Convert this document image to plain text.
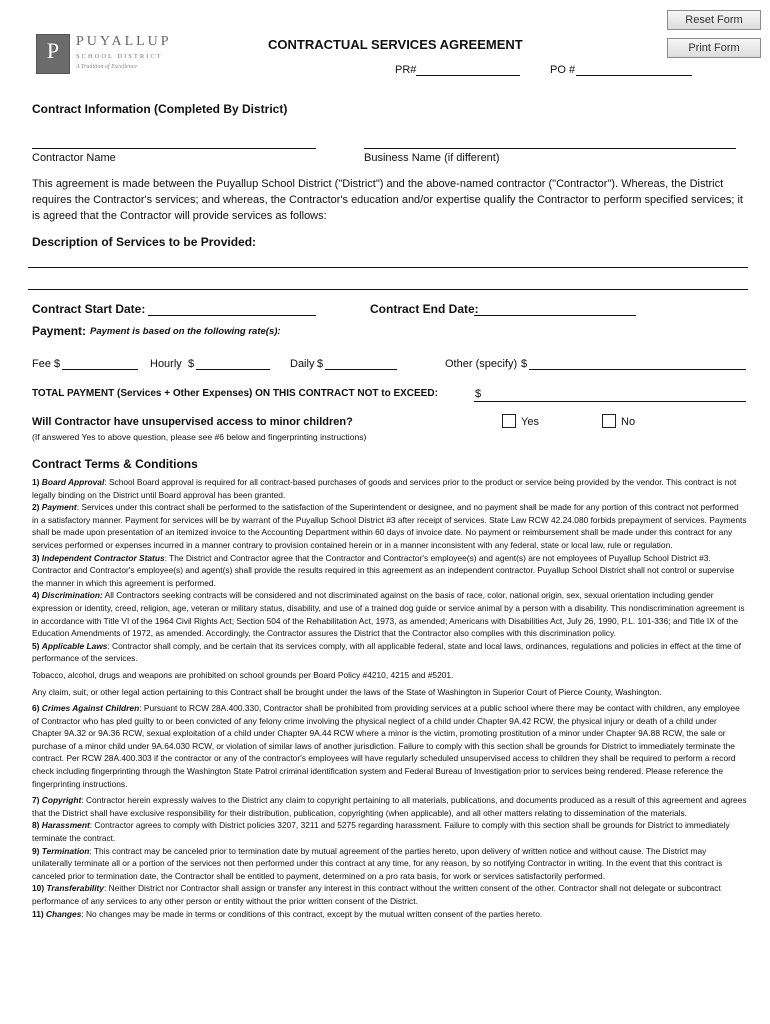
Reset Form
Print Form
P	PUYALLUP
SCHOOL DISTRICT
A Tradition of Excellence
CONTRACTUAL SERVICES AGREEMENT
PR#	PO #
Contract Information (Completed By District)
Contractor Name	Business Name (if different)
This agreement is made between the Puyallup School District ("District") and the above-named contractor ("Contractor"). Whereas, the District requires the Contractor's services; and whereas, the Contractor's education and/or expertise qualify the Contractor to perform specified services; it is agreed that the Contractor will provide services as follows:
Description of Services to be Provided:
Contract Start Date:	Contract End Date:
Payment: Payment is based on the following rate(s):
Fee $	Hourly $	Daily $	Other (specify) $
TOTAL PAYMENT (Services + Other Expenses) ON THIS CONTRACT NOT to EXCEED:	$
Will Contractor have unsupervised access to minor children?
(If answered Yes to above question, please see #6 below and fingerprinting instructions)
Yes	No
Contract Terms & Conditions

1) Board Approval: School Board approval is required for all contract-based purchases of goods and services prior to the product or service being provided by the vendor. This contract is not legally binding on the District until Board approval has been granted.

2) Payment: Services under this contract shall be performed to the satisfaction of the Superintendent or designee, and no payment shall be made for any portion of this contract not performed in a satisfactory manner. Payment for services will be by warrant of the Puyallup School District #3 after receipt of services. State Law RCW 42.24.080 forbids prepayment of services. Payments shall be made upon presentation of an itemized invoice to the Accounting Department within 60 days of invoice date. No payment or reimbursement shall be made under this contract for any services performed or expenses incurred in a manner contrary to provision contained herein or in a manner inconsistent with any federal, state or local law, rule or regulation.

3) Independent Contractor Status: The District and Contractor agree that the Contractor and Contractor's employee(s) and agent(s) are not employees of Puyallup School District #3. Contractor and Contractor's employee(s) and agent(s) shall provide the results required in this agreement as an independent contractor. Puyallup School District shall not control or supervise the manner in which this agreement is performed.

4) Discrimination: All Contractors seeking contracts will be considered and not discriminated against on the basis of race, color, national origin, sex, sexual orientation including gender expression or identity, creed, religion, age, veteran or military status, disability, and use of a trained dog guide or service animal by a person with a disability. This nondiscrimination agreement is in accordance with Title VI of the 1964 Civil Rights Act; Section 504 of the Rehabilitation Act, 1973, as amended; Americans with Disabilities Act, July 26, 1990, P.L. 101-336; and Title IX of the Education Amendments of 1972, as amended. Accordingly, the Contractor assures the District that the Contractor also complies with this discrimination policy.

5) Applicable Laws: Contractor shall comply, and be certain that its services comply, with all applicable federal, state and local laws, ordinances, regulations and policies in effect at the time of performance of the services.

Tobacco, alcohol, drugs and weapons are prohibited on school grounds per Board Policy #4210, 4215 and #5201.

Any claim, suit, or other legal action pertaining to this Contract shall be brought under the laws of the State of Washington in Superior Court of Pierce County, Washington.

6) Crimes Against Children: Pursuant to RCW 28A.400.330, Contractor shall be prohibited from providing services at a public school where there may be contact with children, any employee of Contractor who has pled guilty to or been convicted of any felony crime involving the physical neglect of a child under Chapter 9A.42 RCW, the physical injury or death of a child under Chapter 9A.32 or 9A.36 RCW, sexual exploitation of a child under Chapter 9A.44 RCW where a minor is the victim, promoting prostitution of a minor under Chapter 9A.88 RCW, the sale or purchase of a minor child under 9A.64.030 RCW, or violation of similar laws of another jurisdiction. Failure to comply with this section shall be grounds for District to immediately terminate the contract. Per RCW 28A.400.303 if the contractor or any of the contractor's employees will have regularly scheduled unsupervised access to children they shall be required to perform a record check including fingerprinting through the Washington State Patrol criminal identification system and Federal Bureau of Investigation prior to services being rendered. Please reference the fingerprinting instructions.

7) Copyright: Contractor herein expressly waives to the District any claim to copyright pertaining to all materials, publications, and documents produced as a result of this agreement and agrees that the District shall have exclusive responsibility for their distribution, publication, copyrighting (when applicable), and all other matters relating to dissemination of the materials.

8) Harassment: Contractor agrees to comply with District policies 3207, 3211 and 5275 regarding harassment. Failure to comply with this section shall be grounds for District to immediately terminate the contract.

9) Termination: This contract may be canceled prior to termination date by mutual agreement of the parties hereto, upon delivery of written notice and without cause. The District may unilaterally terminate all or a portion of the services not then performed under this contract at any time, for any reason, by so notifying Contractor in writing. In the event that this contract is canceled prior to termination date, the Contractor shall be entitled to payment, determined on a pro rata basis, for work or services satisfactorily performed.

10) Transferability: Neither District nor Contractor shall assign or transfer any interest in this contract without the written consent of the other. Contractor shall not delegate or subcontract performance of any services to any other person or entity without the prior written consent of the District.

11) Changes: No changes may be made in terms or conditions of this contract, except by the mutual written consent of the parties hereto.
